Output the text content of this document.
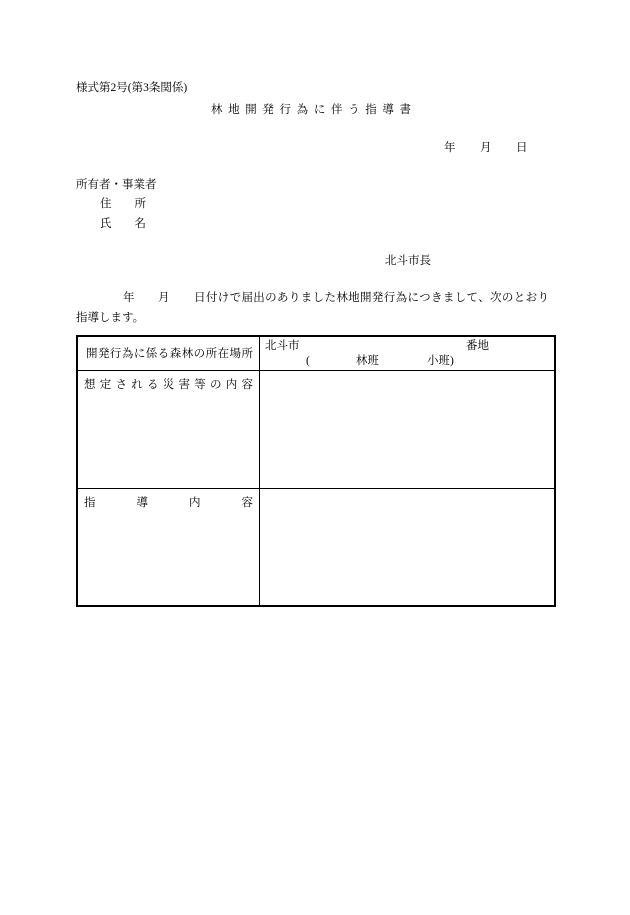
様式第2号(第3条関係)
林 地 開 発 行 為 に 伴 う 指 導 書
年 月 日
所有者・事業者
住　　所
氏　　名
北斗市長
年 月 日付けで届出のありました林地開発行為につきまして、次のとおり
指導します。
開発行為に係る森林の所在場所
北斗市	番地
(	林班	小班)
想 定 さ れ る 災 害 等 の 内 容
指　導　内　容
